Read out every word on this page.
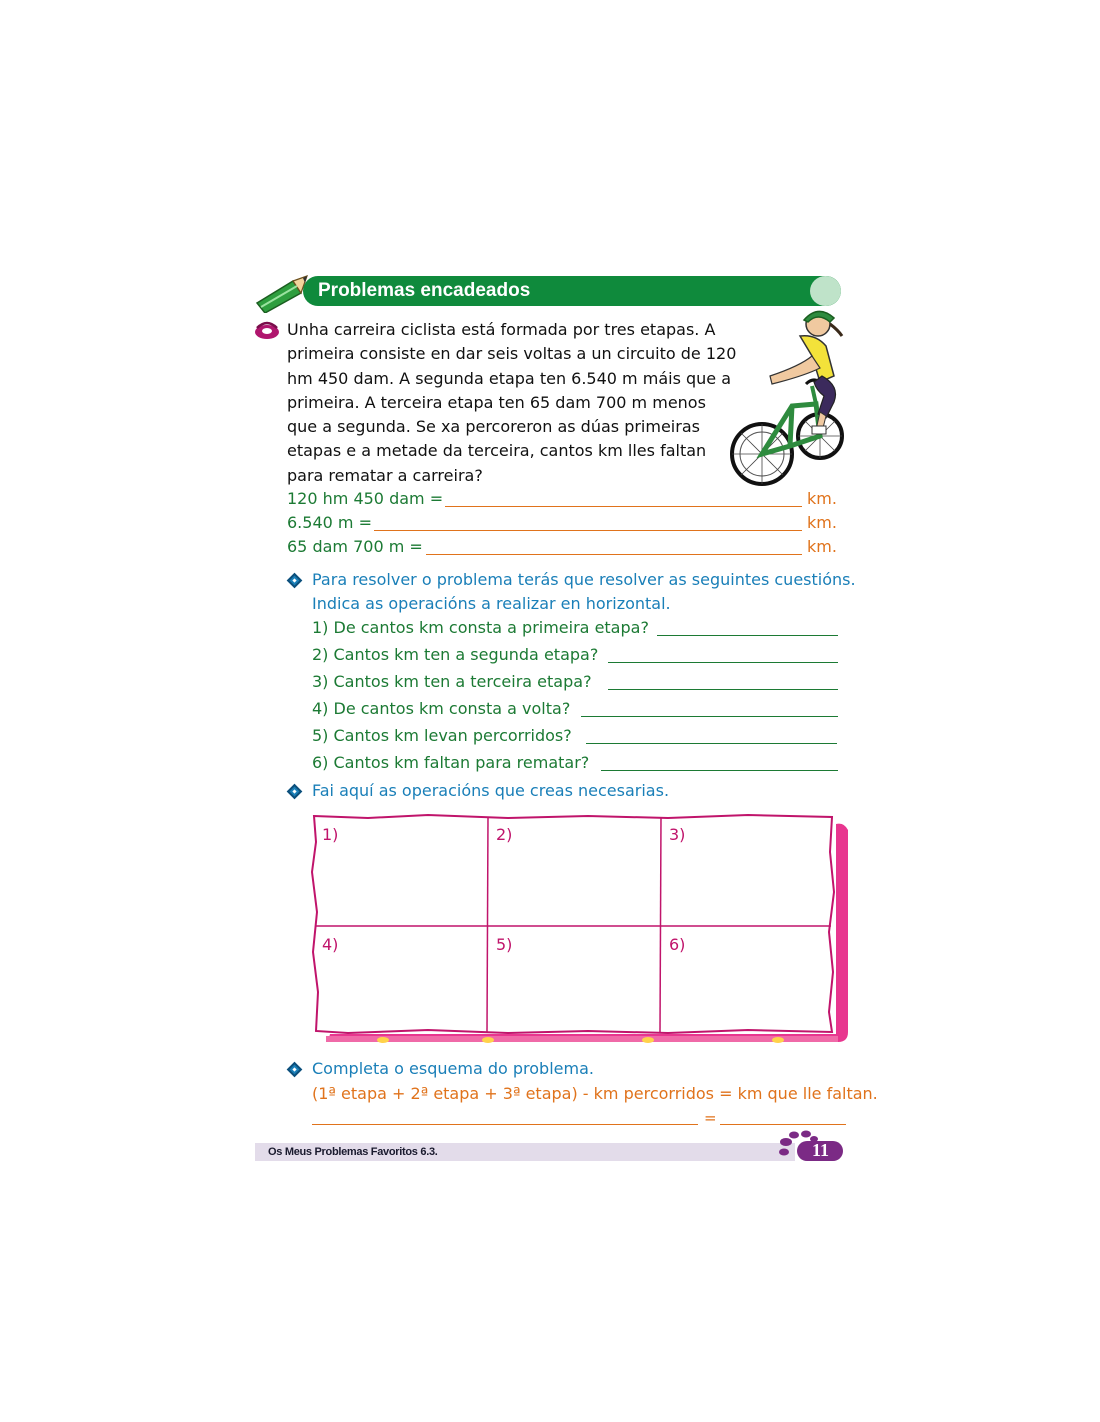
Problemas encadeados
Unha carreira ciclista está formada por tres etapas. A
primeira consiste en dar seis voltas a un circuito de 120
hm 450 dam. A segunda etapa ten 6.540 m máis que a
primeira. A terceira etapa ten 65 dam 700 m menos
que a segunda. Se xa percoreron as dúas primeiras
etapas e a metade da terceira, cantos km lles faltan
para rematar a carreira?
120 hm 450 dam =	km.
6.540 m =	km.
65 dam 700 m =	km.
Para resolver o problema terás que resolver as seguintes cuestións.
Indica as operacións a realizar en horizontal.
1) De cantos km consta a primeira etapa?
2) Cantos km ten a segunda etapa?
3) Cantos km ten a terceira etapa?
4) De cantos km consta a volta?
5) Cantos km levan percorridos?
6) Cantos km faltan para rematar?
Fai aquí as operacións que creas necesarias.
1)	2)	3)
4)	5)	6)
Completa o esquema do problema.
(1ª etapa + 2ª etapa + 3ª etapa) - km percorridos = km que lle faltan.
=
Os Meus Problemas Favoritos 6.3.	11
